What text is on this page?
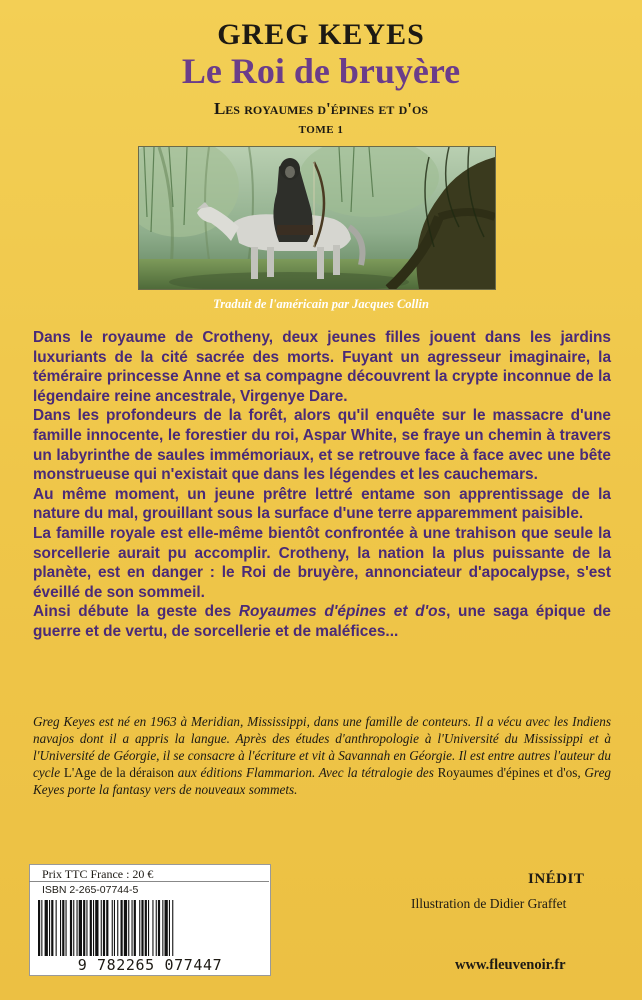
GREG KEYES
Le Roi de bruyère
Les royaumes d'épines et d'os
TOME 1
Traduit de l'américain par Jacques Collin

Dans le royaume de Crotheny, deux jeunes filles jouent dans les jardins luxuriants de la cité sacrée des morts. Fuyant un agresseur imaginaire, la téméraire princesse Anne et sa compagne découvrent la crypte inconnue de la légendaire reine ancestrale, Virgenye Dare.

Dans les profondeurs de la forêt, alors qu'il enquête sur le massacre d'une famille innocente, le forestier du roi, Aspar White, se fraye un chemin à travers un labyrinthe de saules immémoriaux, et se retrouve face à face avec une bête monstrueuse qui n'existait que dans les légendes et les cauchemars.

Au même moment, un jeune prêtre lettré entame son apprentissage de la nature du mal, grouillant sous la surface d'une terre apparemment paisible.

La famille royale est elle-même bientôt confrontée à une trahison que seule la sorcellerie aurait pu accomplir. Crotheny, la nation la plus puissante de la planète, est en danger : le Roi de bruyère, annonciateur d'apocalypse, s'est éveillé de son sommeil.

Ainsi débute la geste des Royaumes d'épines et d'os, une saga épique de guerre et de vertu, de sorcellerie et de maléfices...

Greg Keyes est né en 1963 à Meridian, Mississippi, dans une famille de conteurs. Il a vécu avec les Indiens navajos dont il a appris la langue. Après des études d'anthropologie à l'Université du Mississippi et à l'Université de Géorgie, il se consacre à l'écriture et vit à Savannah en Géorgie. Il est entre autres l'auteur du cycle L'Age de la déraison aux éditions Flammarion. Avec la tétralogie des Royaumes d'épines et d'os, Greg Keyes porte la fantasy vers de nouveaux sommets.
Prix TTC France : 20 €
ISBN 2-265-07744-5
9 782265 077447
INÉDIT
Illustration de Didier Graffet
www.fleuvenoir.fr
